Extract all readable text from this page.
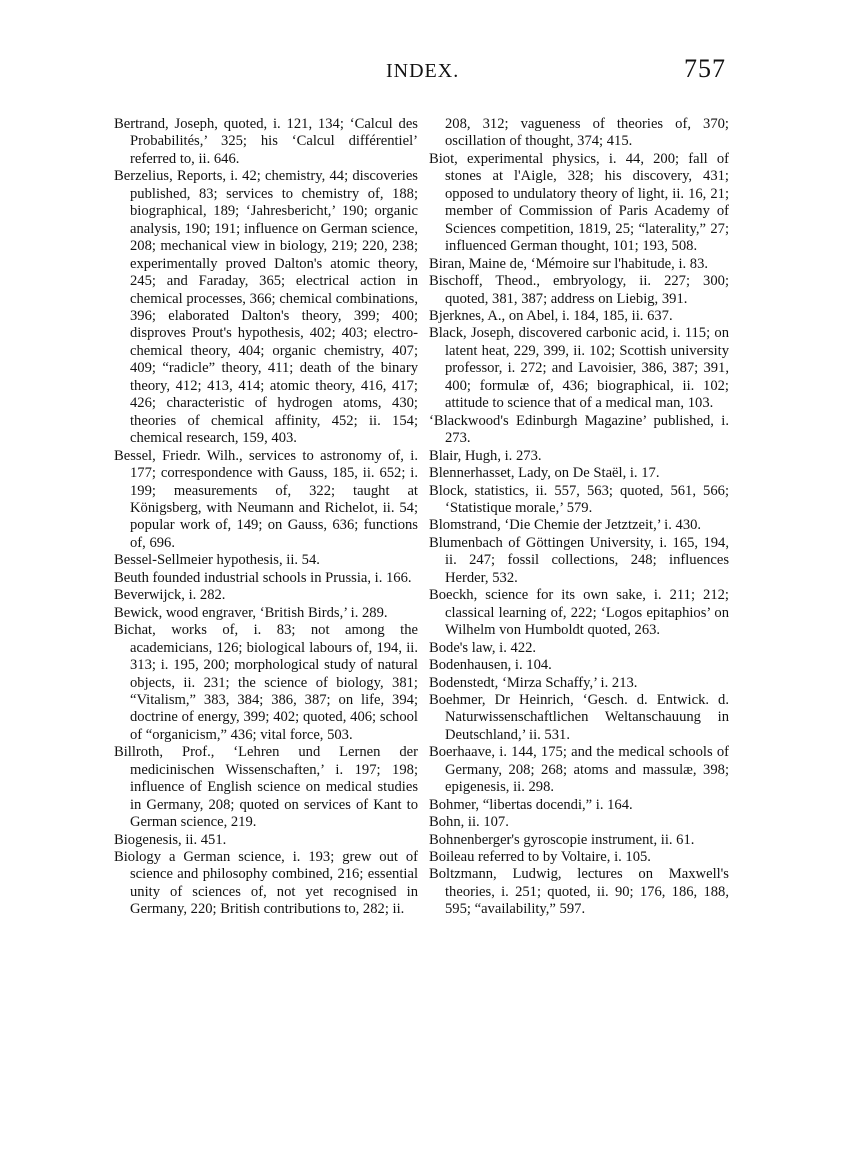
INDEX.	757

Bertrand, Joseph, quoted, i. 121, 134; ‘Calcul des Probabilités,’ 325; his ‘Calcul différentiel’ referred to, ii. 646.

Berzelius, Reports, i. 42; chemistry, 44; discoveries published, 83; services to chemistry of, 188; biographical, 189; ‘Jahresbericht,’ 190; organic analysis, 190; 191; influence on German science, 208; mechanical view in biology, 219; 220, 238; experimentally proved Dalton's atomic theory, 245; and Faraday, 365; electrical action in chemical processes, 366; chemical combinations, 396; elaborated Dalton's theory, 399; 400; disproves Prout's hypothesis, 402; 403; electro-chemical theory, 404; organic chemistry, 407; 409; “radicle” theory, 411; death of the binary theory, 412; 413, 414; atomic theory, 416, 417; 426; characteristic of hydrogen atoms, 430; theories of chemical affinity, 452; ii. 154; chemical research, 159, 403.

Bessel, Friedr. Wilh., services to astronomy of, i. 177; correspondence with Gauss, 185, ii. 652; i. 199; measurements of, 322; taught at Königsberg, with Neumann and Richelot, ii. 54; popular work of, 149; on Gauss, 636; functions of, 696.

Bessel-Sellmeier hypothesis, ii. 54.

Beuth founded industrial schools in Prussia, i. 166.

Beverwijck, i. 282.

Bewick, wood engraver, ‘British Birds,’ i. 289.

Bichat, works of, i. 83; not among the academicians, 126; biological labours of, 194, ii. 313; i. 195, 200; morphological study of natural objects, ii. 231; the science of biology, 381; “Vitalism,” 383, 384; 386, 387; on life, 394; doctrine of energy, 399; 402; quoted, 406; school of “organicism,” 436; vital force, 503.

Billroth, Prof., ‘Lehren und Lernen der medicinischen Wissenschaften,’ i. 197; 198; influence of English science on medical studies in Germany, 208; quoted on services of Kant to German science, 219.

Biogenesis, ii. 451.

Biology a German science, i. 193; grew out of science and philosophy combined, 216; essential unity of sciences of, not yet recognised in Germany, 220; British contributions to, 282; ii.

208, 312; vagueness of theories of, 370; oscillation of thought, 374; 415.

Biot, experimental physics, i. 44, 200; fall of stones at l'Aigle, 328; his discovery, 431; opposed to undulatory theory of light, ii. 16, 21; member of Commission of Paris Academy of Sciences competition, 1819, 25; “laterality,” 27; influenced German thought, 101; 193, 508.

Biran, Maine de, ‘Mémoire sur l'habitude, i. 83.

Bischoff, Theod., embryology, ii. 227; 300; quoted, 381, 387; address on Liebig, 391.

Bjerknes, A., on Abel, i. 184, 185, ii. 637.

Black, Joseph, discovered carbonic acid, i. 115; on latent heat, 229, 399, ii. 102; Scottish university professor, i. 272; and Lavoisier, 386, 387; 391, 400; formulæ of, 436; biographical, ii. 102; attitude to science that of a medical man, 103.

‘Blackwood's Edinburgh Magazine’ published, i. 273.

Blair, Hugh, i. 273.

Blennerhasset, Lady, on De Staël, i. 17.

Block, statistics, ii. 557, 563; quoted, 561, 566; ‘Statistique morale,’ 579.

Blomstrand, ‘Die Chemie der Jetztzeit,’ i. 430.

Blumenbach of Göttingen University, i. 165, 194, ii. 247; fossil collections, 248; influences Herder, 532.

Boeckh, science for its own sake, i. 211; 212; classical learning of, 222; ‘Logos epitaphios’ on Wilhelm von Humboldt quoted, 263.

Bode's law, i. 422.

Bodenhausen, i. 104.

Bodenstedt, ‘Mirza Schaffy,’ i. 213.

Boehmer, Dr Heinrich, ‘Gesch. d. Entwick. d. Naturwissenschaftlichen Weltanschauung in Deutschland,’ ii. 531.

Boerhaave, i. 144, 175; and the medical schools of Germany, 208; 268; atoms and massulæ, 398; epigenesis, ii. 298.

Bohmer, “libertas docendi,” i. 164.

Bohn, ii. 107.

Bohnenberger's gyroscopie instrument, ii. 61.

Boileau referred to by Voltaire, i. 105.

Boltzmann, Ludwig, lectures on Maxwell's theories, i. 251; quoted, ii. 90; 176, 186, 188, 595; “availability,” 597.
